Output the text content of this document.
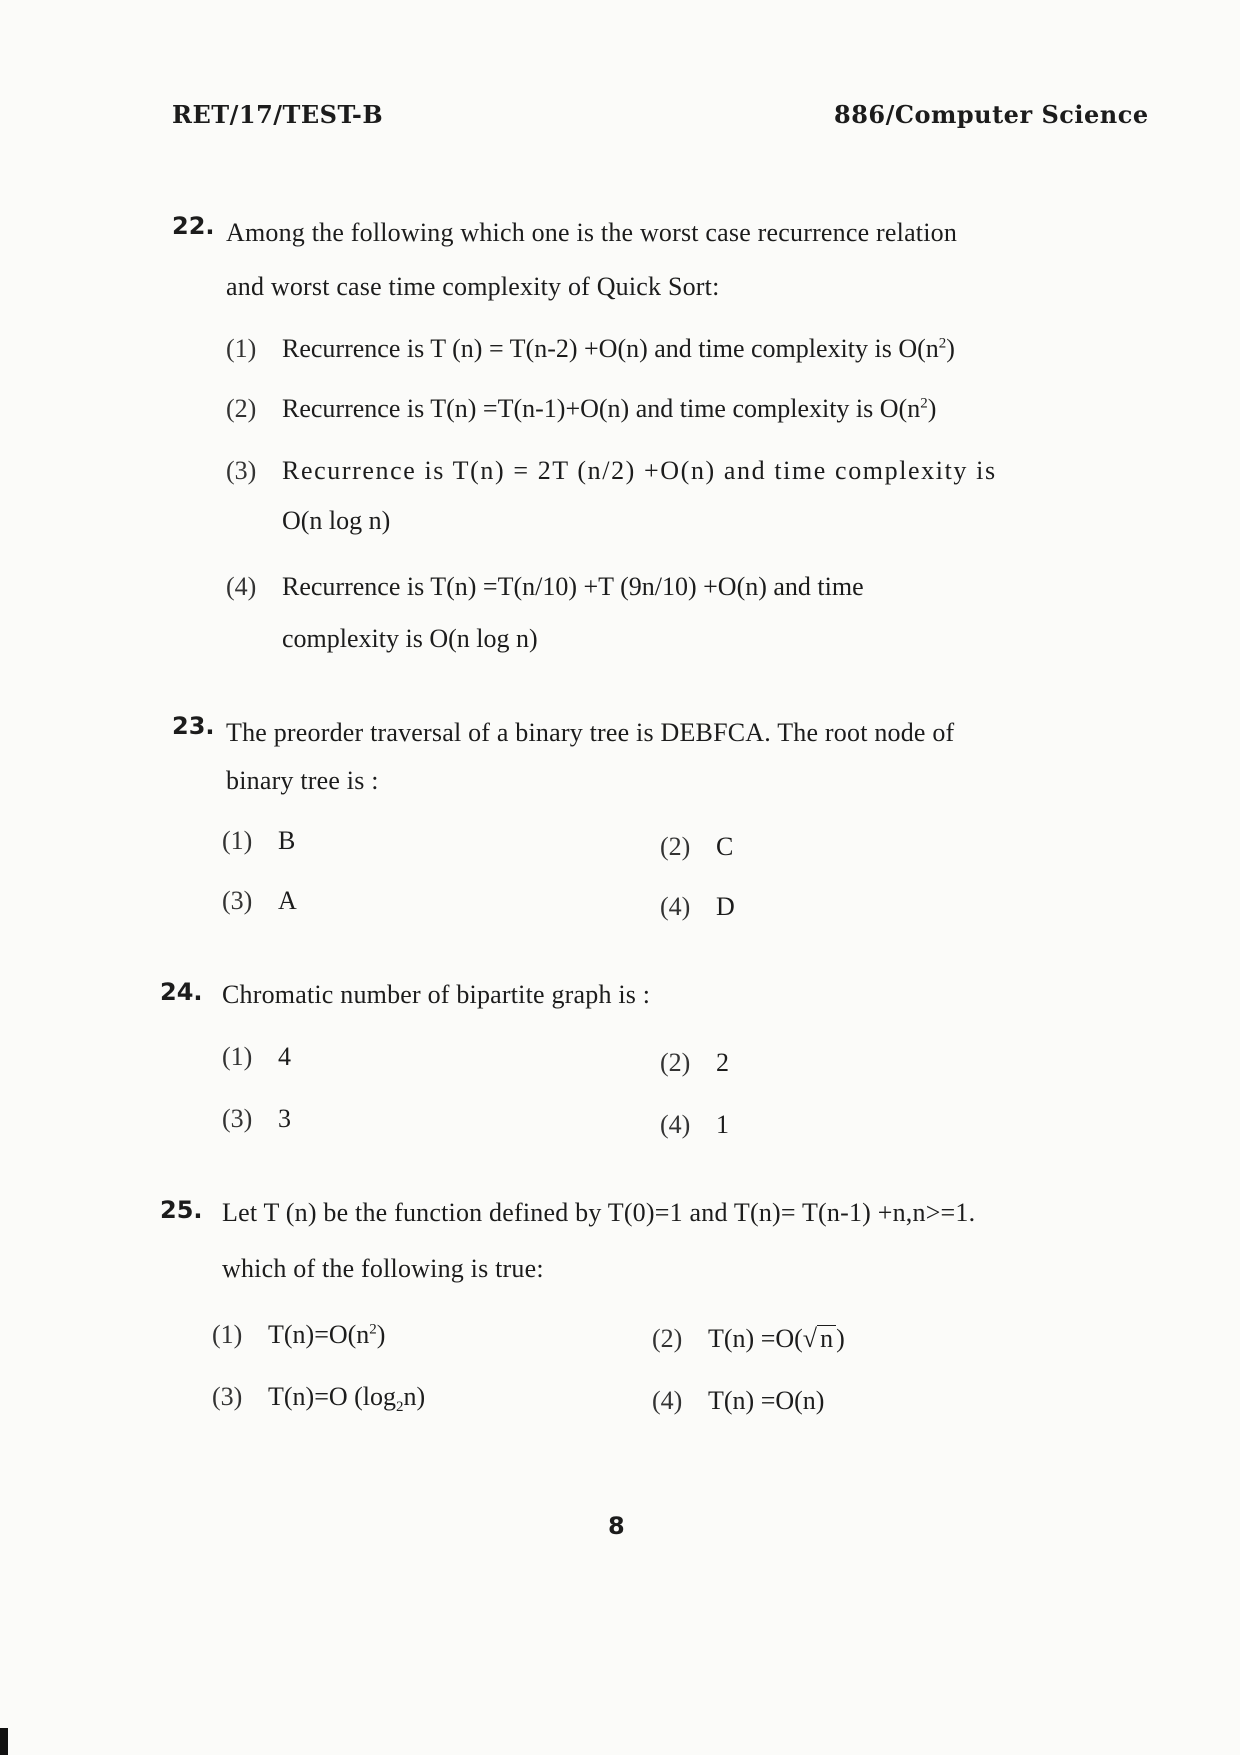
RET/17/TEST-B	886/Computer Science
22. Among the following which one is the worst case recurrence relation
and worst case time complexity of Quick Sort:
(1) Recurrence is T (n) = T(n-2) +O(n) and time complexity is $O(n^2)$
(2) Recurrence is T(n) =T(n-1)+O(n) and time complexity is $O(n^2)$
(3) Recurrence is T(n) = 2T (n/2) +O(n) and time complexity is
O(n log n)
(4) Recurrence is T(n) =T(n/10) +T (9n/10) +O(n) and time
complexity is O(n log n)
23. The preorder traversal of a binary tree is DEBFCA. The root node of
binary tree is :
(1) B	(2) C
(3) A	(4) D
24. Chromatic number of bipartite graph is :
(1) 4	(2) 2
(3) 3	(4) 1
25. Let T (n) be the function defined by T(0)=1 and T(n)= T(n-1) +n,n>=1.
which of the following is true:
(1) $T(n)=O(n^2)$	(2) T(n) =O(√ n )
(3) T(n)=O $(\log_2n)$	(4) T(n) =O(n)
8
